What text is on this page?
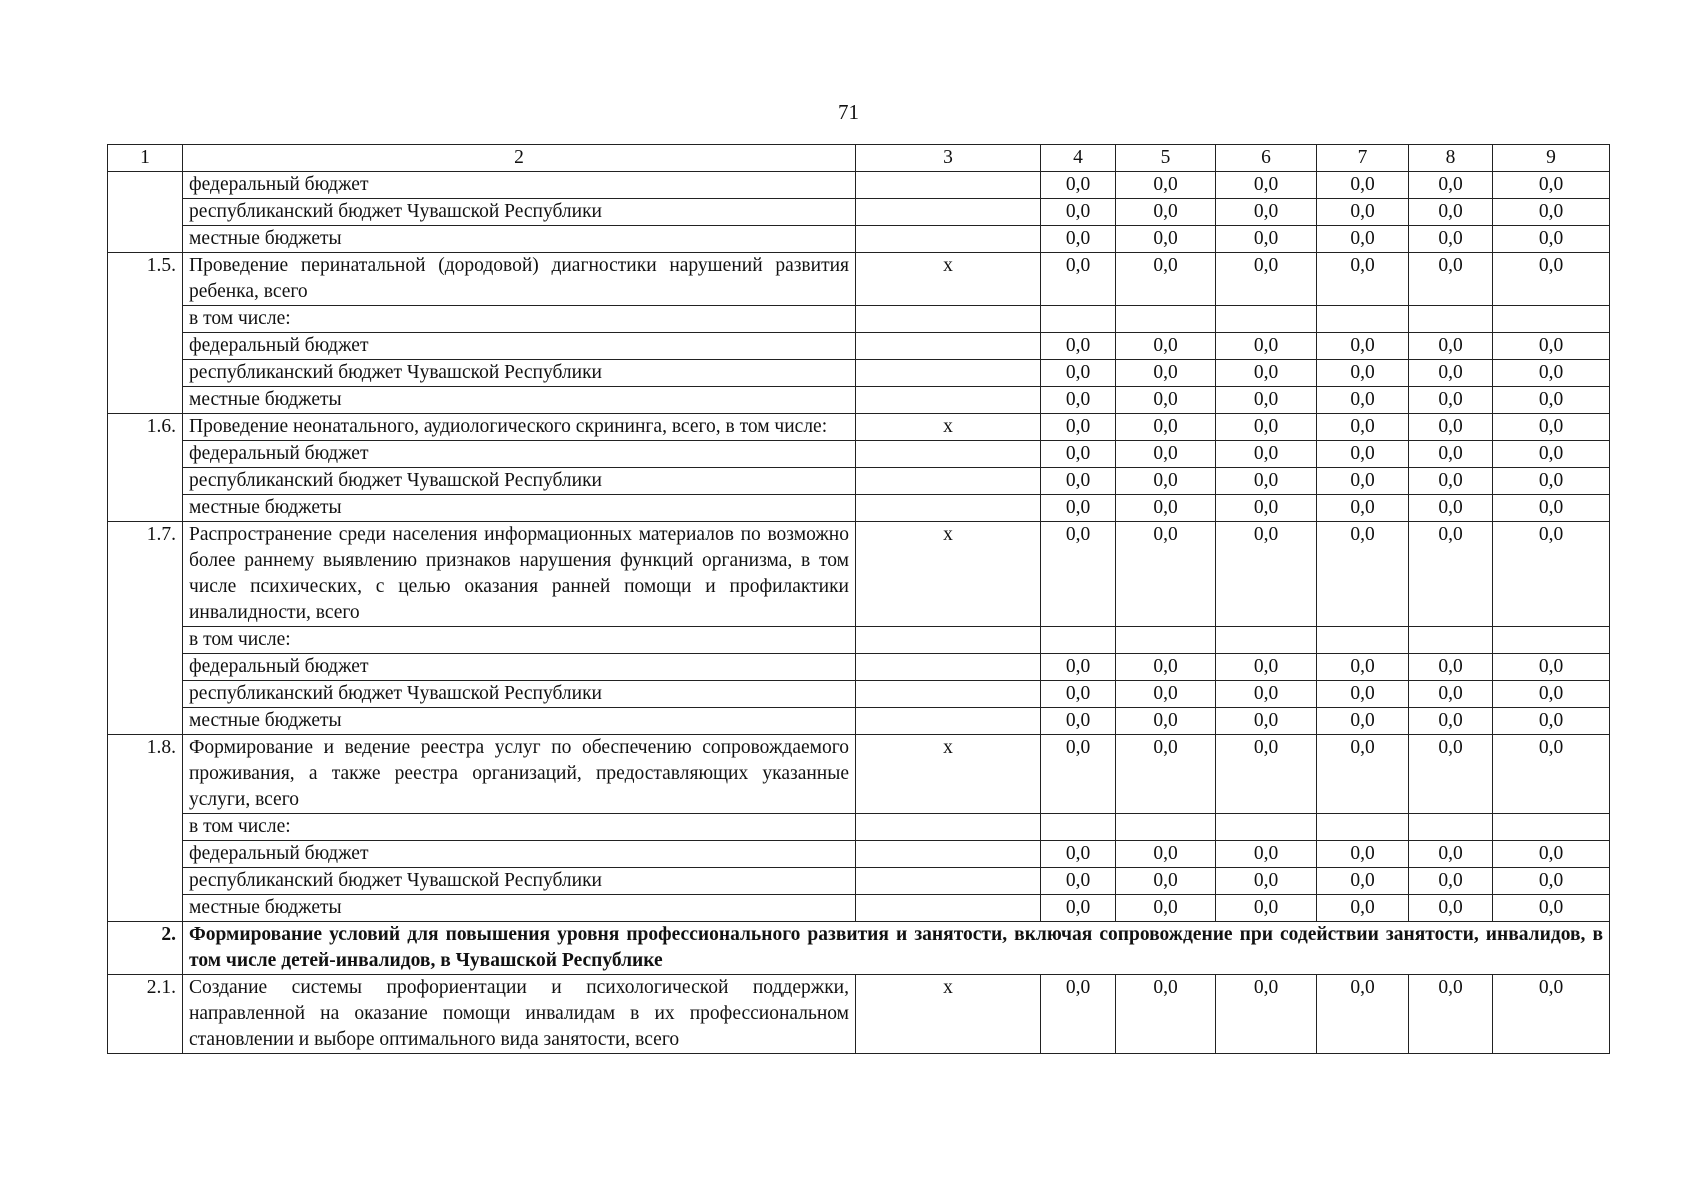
71
1	2	3	4	5	6	7	8	9
	федеральный бюджет		0,0	0,0	0,0	0,0	0,0	0,0
	республиканский бюджет Чувашской Республики		0,0	0,0	0,0	0,0	0,0	0,0
	местные бюджеты		0,0	0,0	0,0	0,0	0,0	0,0
1.5.	Проведение перинатальной (дородовой) диагностики нарушений развития ребенка, всего	x	0,0	0,0	0,0	0,0	0,0	0,0
	в том числе:							
	федеральный бюджет		0,0	0,0	0,0	0,0	0,0	0,0
	республиканский бюджет Чувашской Республики		0,0	0,0	0,0	0,0	0,0	0,0
	местные бюджеты		0,0	0,0	0,0	0,0	0,0	0,0
1.6.	Проведение неонатального, аудиологического скрининга, всего, в том числе:	x	0,0	0,0	0,0	0,0	0,0	0,0
	федеральный бюджет		0,0	0,0	0,0	0,0	0,0	0,0
	республиканский бюджет Чувашской Республики		0,0	0,0	0,0	0,0	0,0	0,0
	местные бюджеты		0,0	0,0	0,0	0,0	0,0	0,0
1.7.	Распространение среди населения информационных материалов по возможно более раннему выявлению признаков нарушения функций организма, в том числе психических, с целью оказания ранней помощи и профилактики инвалидности, всего	x	0,0	0,0	0,0	0,0	0,0	0,0
	в том числе:							
	федеральный бюджет		0,0	0,0	0,0	0,0	0,0	0,0
	республиканский бюджет Чувашской Республики		0,0	0,0	0,0	0,0	0,0	0,0
	местные бюджеты		0,0	0,0	0,0	0,0	0,0	0,0
1.8.	Формирование и ведение реестра услуг по обеспечению сопровождаемого проживания, а также реестра организаций, предоставляющих указанные услуги, всего	x	0,0	0,0	0,0	0,0	0,0	0,0
	в том числе:							
	федеральный бюджет		0,0	0,0	0,0	0,0	0,0	0,0
	республиканский бюджет Чувашской Республики		0,0	0,0	0,0	0,0	0,0	0,0
	местные бюджеты		0,0	0,0	0,0	0,0	0,0	0,0
2.	Формирование условий для повышения уровня профессионального развития и занятости, включая сопровождение при содействии занятости, инвалидов, в том числе детей-инвалидов, в Чувашской Республике							
2.1.	Создание системы профориентации и психологической поддержки, направленной на оказание помощи инвалидам в их профессиональном становлении и выборе оптимального вида занятости, всего	x	0,0	0,0	0,0	0,0	0,0	0,0
